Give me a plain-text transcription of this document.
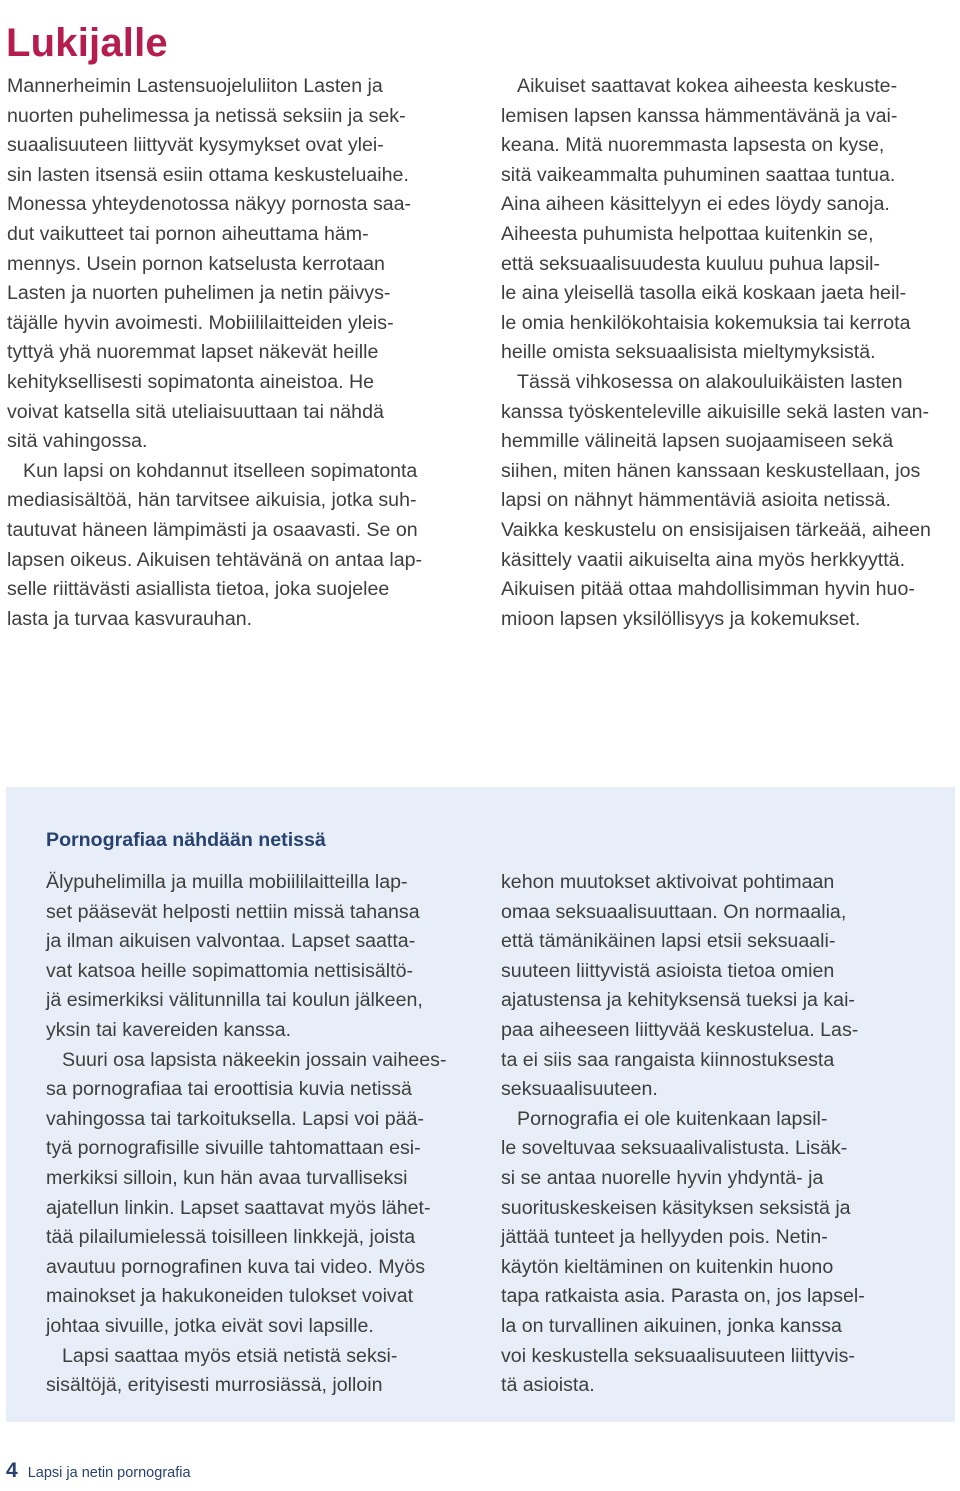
Lukijalle
Mannerheimin Lastensuojeluliiton Lasten ja
nuorten puhelimessa ja netissä seksiin ja sek-
suaalisuuteen liittyvät kysymykset ovat ylei-
sin lasten itsensä esiin ottama keskusteluaihe.
Monessa yhteydenotossa näkyy pornosta saa-
dut vaikutteet tai pornon aiheuttama häm-
mennys. Usein pornon katselusta kerrotaan
Lasten ja nuorten puhelimen ja netin päivys-
täjälle hyvin avoimesti. Mobiililaitteiden yleis-
tyttyä yhä nuoremmat lapset näkevät heille
kehityksellisesti sopimatonta aineistoa. He
voivat katsella sitä uteliaisuuttaan tai nähdä
sitä vahingossa.
Kun lapsi on kohdannut itselleen sopimatonta
mediasisältöä, hän tarvitsee aikuisia, jotka suh-
tautuvat häneen lämpimästi ja osaavasti. Se on
lapsen oikeus. Aikuisen tehtävänä on antaa lap-
selle riittävästi asiallista tietoa, joka suojelee
lasta ja turvaa kasvurauhan.
Aikuiset saattavat kokea aiheesta keskuste-
lemisen lapsen kanssa hämmentävänä ja vai-
keana. Mitä nuoremmasta lapsesta on kyse,
sitä vaikeammalta puhuminen saattaa tuntua.
Aina aiheen käsittelyyn ei edes löydy sanoja.
Aiheesta puhumista helpottaa kuitenkin se,
että seksuaalisuudesta kuuluu puhua lapsil-
le aina yleisellä tasolla eikä koskaan jaeta heil-
le omia henkilökohtaisia kokemuksia tai kerrota
heille omista seksuaalisista mieltymyksistä.
Tässä vihkosessa on alakouluikäisten lasten
kanssa työskenteleville aikuisille sekä lasten van-
hemmille välineitä lapsen suojaamiseen sekä
siihen, miten hänen kanssaan keskustellaan, jos
lapsi on nähnyt hämmentäviä asioita netissä.
Vaikka keskustelu on ensisijaisen tärkeää, aiheen
käsittely vaatii aikuiselta aina myös herkkyyttä.
Aikuisen pitää ottaa mahdollisimman hyvin huo-
mioon lapsen yksilöllisyys ja kokemukset.
Pornografiaa nähdään netissä
Älypuhelimilla ja muilla mobiililaitteilla lap-
set pääsevät helposti nettiin missä tahansa
ja ilman aikuisen valvontaa. Lapset saatta-
vat katsoa heille sopimattomia nettisisältö-
jä esimerkiksi välitunnilla tai koulun jälkeen,
yksin tai kavereiden kanssa.
Suuri osa lapsista näkeekin jossain vaihees-
sa pornografiaa tai eroottisia kuvia netissä
vahingossa tai tarkoituksella. Lapsi voi pää-
tyä pornografisille sivuille tahtomattaan esi-
merkiksi silloin, kun hän avaa turvalliseksi
ajatellun linkin. Lapset saattavat myös lähet-
tää pilailumielessä toisilleen linkkejä, joista
avautuu pornografinen kuva tai video. Myös
mainokset ja hakukoneiden tulokset voivat
johtaa sivuille, jotka eivät sovi lapsille.
Lapsi saattaa myös etsiä netistä seksi-
sisältöjä, erityisesti murrosiässä, jolloin
kehon muutokset aktivoivat pohtimaan
omaa seksuaalisuuttaan. On normaalia,
että tämänikäinen lapsi etsii seksuaali-
suuteen liittyvistä asioista tietoa omien
ajatustensa ja kehityksensä tueksi ja kai-
paa aiheeseen liittyvää keskustelua. Las-
ta ei siis saa rangaista kiinnostuksesta
seksuaalisuuteen.
Pornografia ei ole kuitenkaan lapsil-
le soveltuvaa seksuaalivalistusta. Lisäk-
si se antaa nuorelle hyvin yhdyntä- ja
suorituskeskeisen käsityksen seksistä ja
jättää tunteet ja hellyyden pois. Netin-
käytön kieltäminen on kuitenkin huono
tapa ratkaista asia. Parasta on, jos lapsel-
la on turvallinen aikuinen, jonka kanssa
voi keskustella seksuaalisuuteen liittyvis-
tä asioista.
4 Lapsi ja netin pornografia
